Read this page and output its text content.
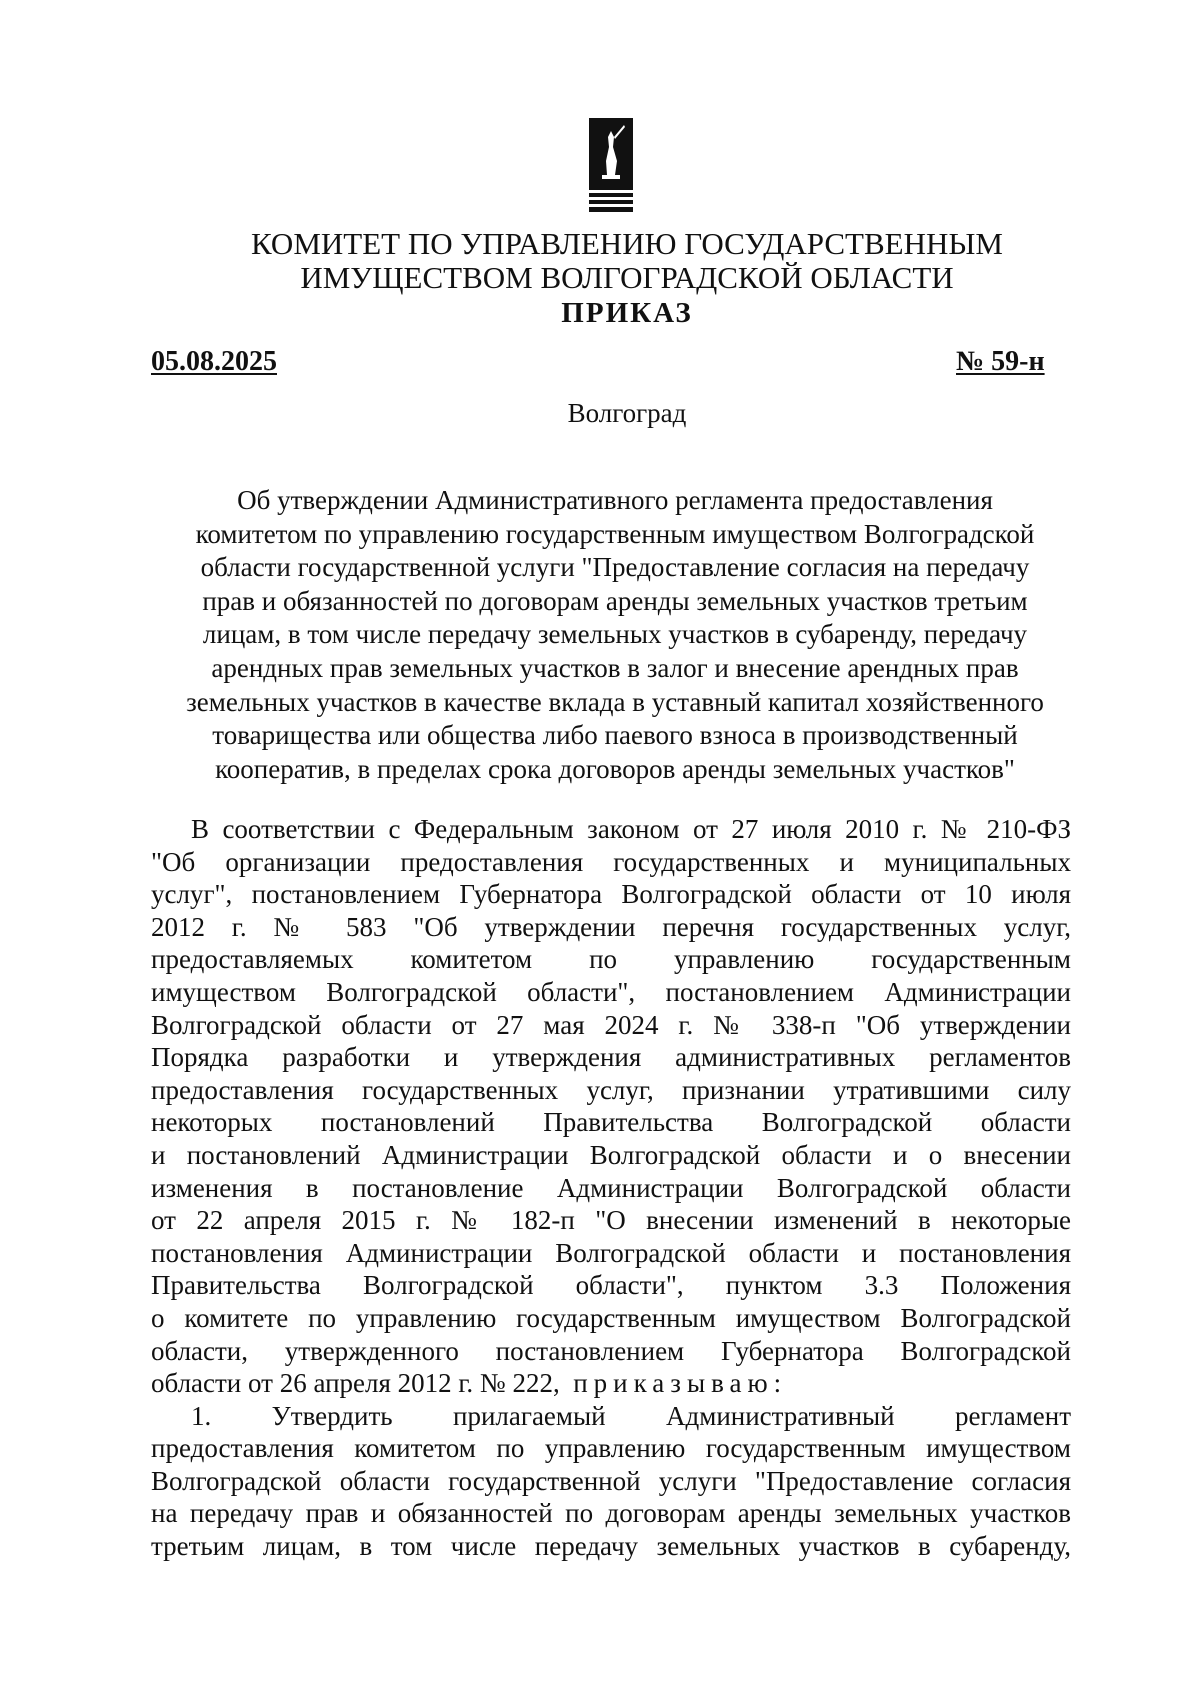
КОМИТЕТ ПО УПРАВЛЕНИЮ ГОСУДАРСТВЕННЫМ
ИМУЩЕСТВОМ ВОЛГОГРАДСКОЙ ОБЛАСТИ
ПРИКАЗ
05.08.2025	№ 59-н
Волгоград
Об утверждении Административного регламента предоставления
комитетом по управлению государственным имуществом Волгоградской
области государственной услуги "Предоставление согласия на передачу
прав и обязанностей по договорам аренды земельных участков третьим
лицам, в том числе передачу земельных участков в субаренду, передачу
арендных прав земельных участков в залог и внесение арендных прав
земельных участков в качестве вклада в уставный капитал хозяйственного
товарищества или общества либо паевого взноса в производственный
кооператив, в пределах срока договоров аренды земельных участков"
В соответствии с Федеральным законом от 27 июля 2010 г. № 210-ФЗ
"Об организации предоставления государственных и муниципальных
услуг", постановлением Губернатора Волгоградской области от 10 июля
2012 г. № 583 "Об утверждении перечня государственных услуг,
предоставляемых комитетом по управлению государственным
имуществом Волгоградской области", постановлением Администрации
Волгоградской области от 27 мая 2024 г. № 338-п "Об утверждении
Порядка разработки и утверждения административных регламентов
предоставления государственных услуг, признании утратившими силу
некоторых постановлений Правительства Волгоградской области
и постановлений Администрации Волгоградской области и о внесении
изменения в постановление Администрации Волгоградской области
от 22 апреля 2015 г. № 182-п "О внесении изменений в некоторые
постановления Администрации Волгоградской области и постановления
Правительства Волгоградской области", пунктом 3.3 Положения
о комитете по управлению государственным имуществом Волгоградской
области, утвержденного постановлением Губернатора Волгоградской
области от 26 апреля 2012 г. № 222, приказываю:
1. Утвердить прилагаемый Административный регламент
предоставления комитетом по управлению государственным имуществом
Волгоградской области государственной услуги "Предоставление согласия
на передачу прав и обязанностей по договорам аренды земельных участков
третьим лицам, в том числе передачу земельных участков в субаренду,
